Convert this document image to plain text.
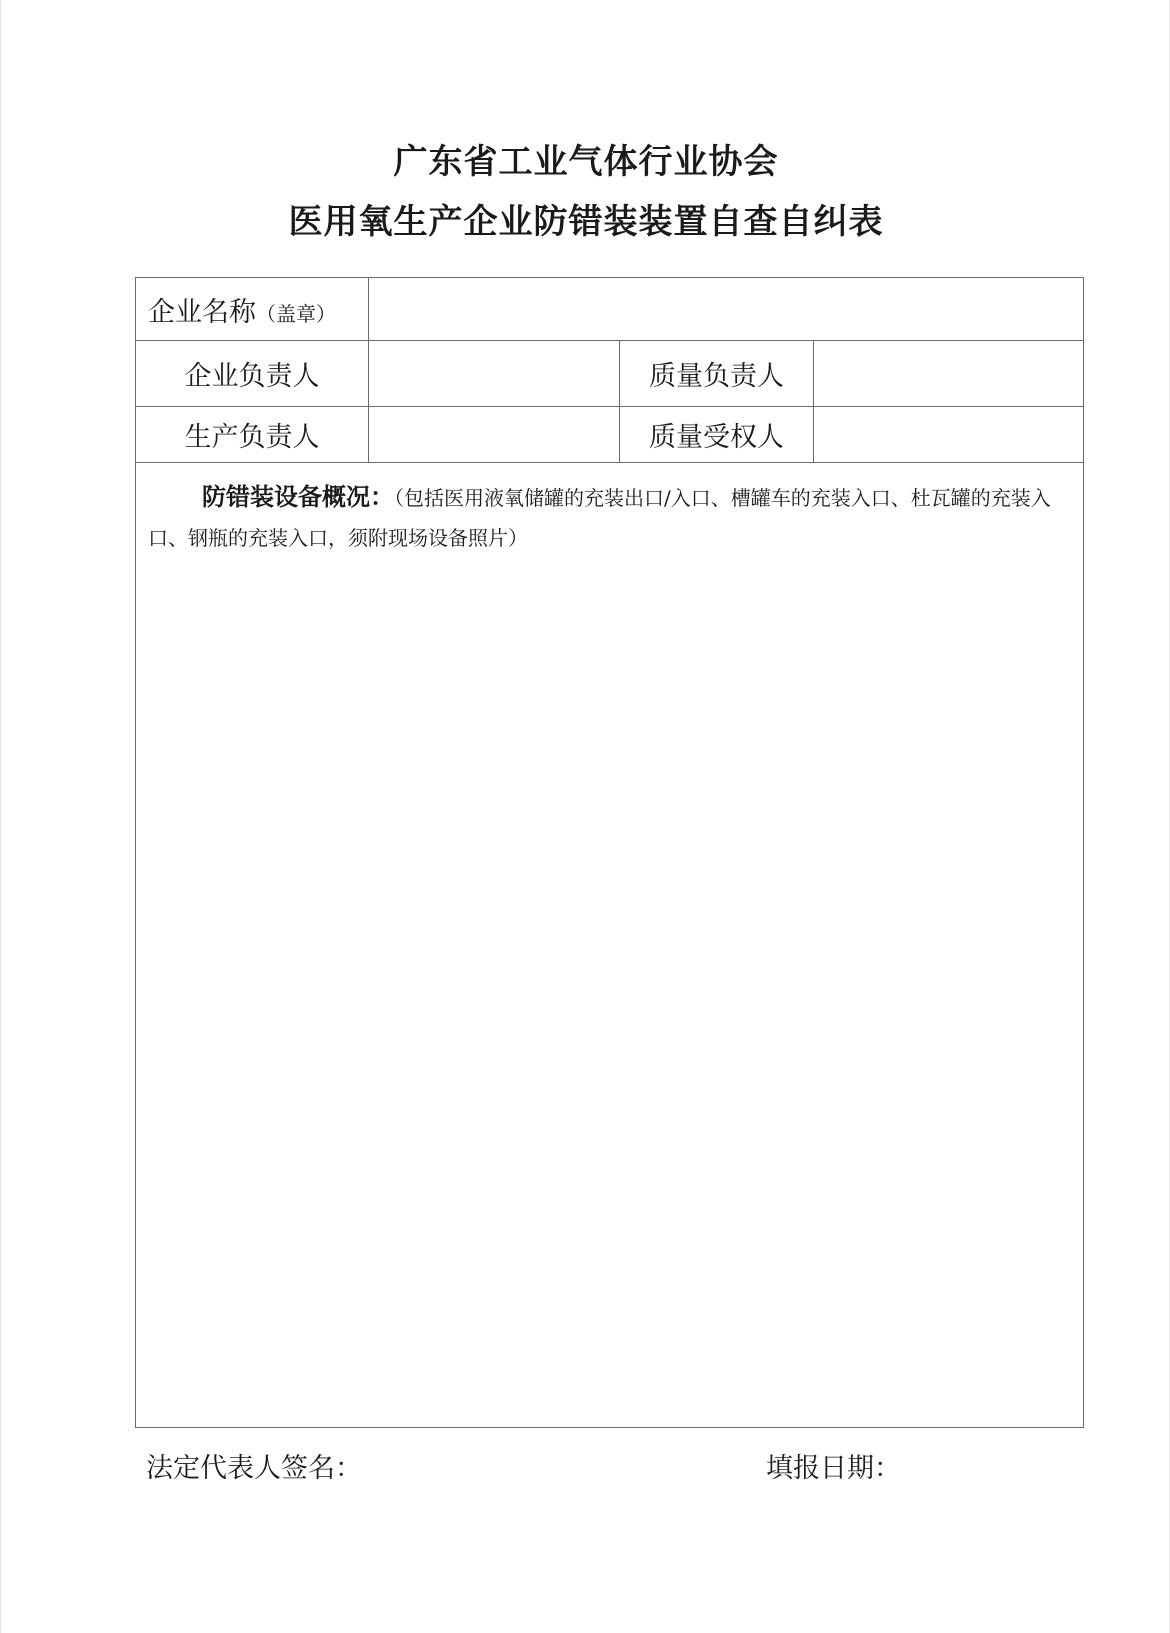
广东省工业气体行业协会
医用氧生产企业防错装装置自查自纠表
企业名称（盖章）			
企业负责人		质量负责人	
生产负责人		质量受权人	

防错装设备概况：（包括医用液氧储罐的充装出口/入口、槽罐车的充装入口、杜瓦罐的充装入口、钢瓶的充装入口，须附现场设备照片）			
法定代表人签名：	填报日期：
